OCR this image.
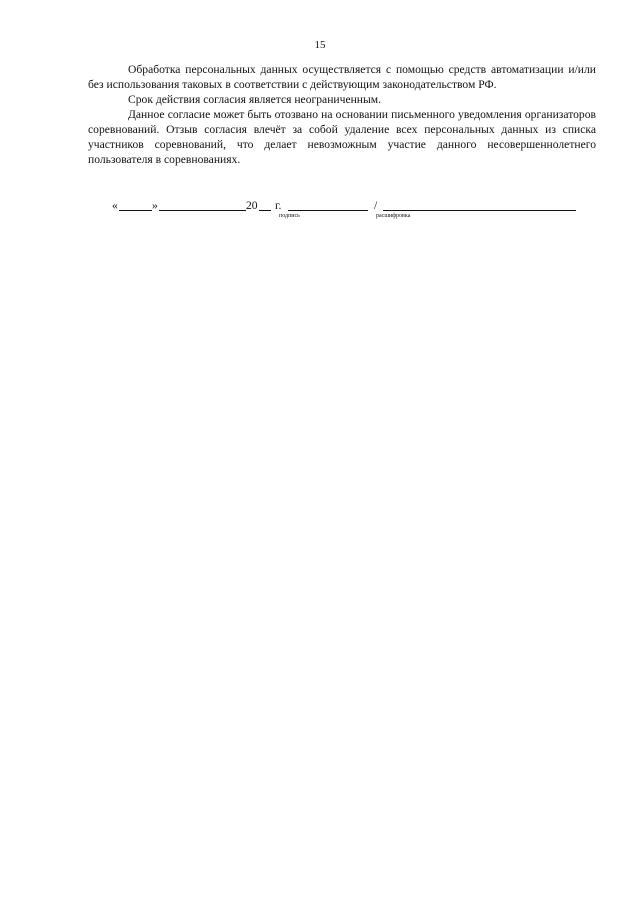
15

Обработка персональных данных осуществляется с помощью средств автоматизации и/или без использования таковых в соответствии с действующим законодательством РФ.

Срок действия согласия является неограниченным.

Данное согласие может быть отозвано на основании письменного уведомления организаторов соревнований. Отзыв согласия влечёт за собой удаление всех персональных данных из списка участников соревнований, что делает невозможным участие данного несовершеннолетнего пользователя в соревнованиях.

«	»	20 г.
подпись
/
расшифровка
